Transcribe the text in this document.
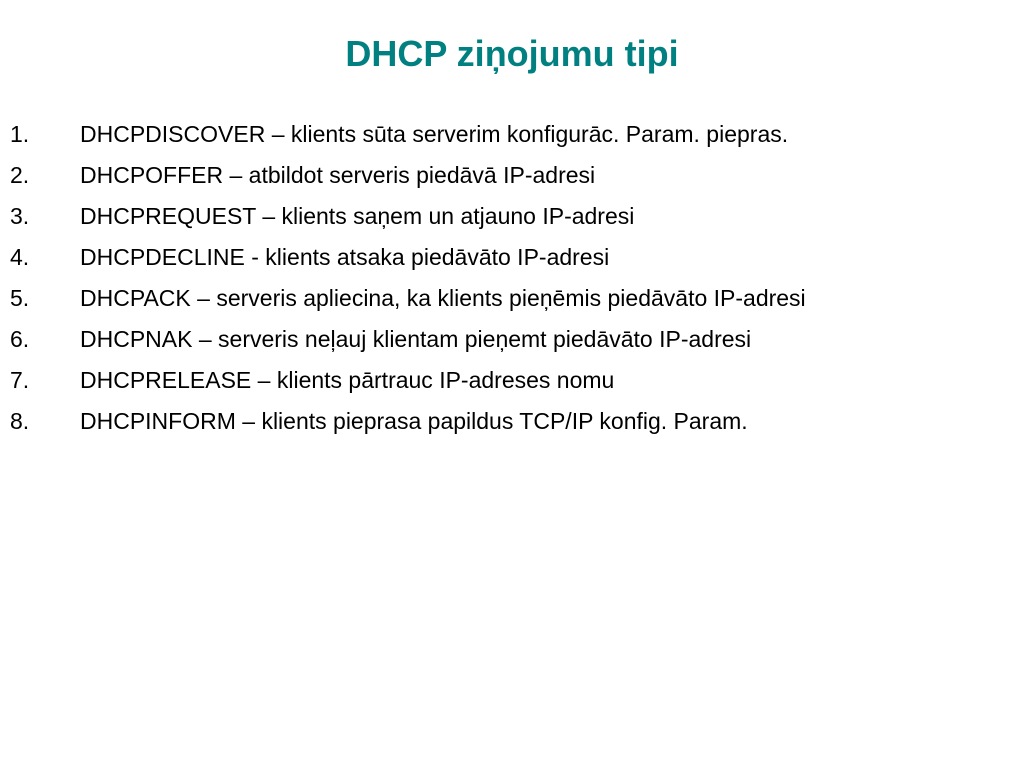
DHCP ziņojumu tipi
1. DHCPDISCOVER – klients sūta serverim konfigurāc. Param. piepras.
2. DHCPOFFER – atbildot serveris piedāvā IP-adresi
3. DHCPREQUEST – klients saņem un atjauno IP-adresi
4. DHCPDECLINE - klients atsaka piedāvāto IP-adresi
5. DHCPACK – serveris apliecina, ka klients pieņēmis piedāvāto IP-adresi
6. DHCPNAK – serveris neļauj klientam pieņemt piedāvāto IP-adresi
7. DHCPRELEASE – klients pārtrauc IP-adreses nomu
8. DHCPINFORM – klients pieprasa papildus TCP/IP konfig. Param.
